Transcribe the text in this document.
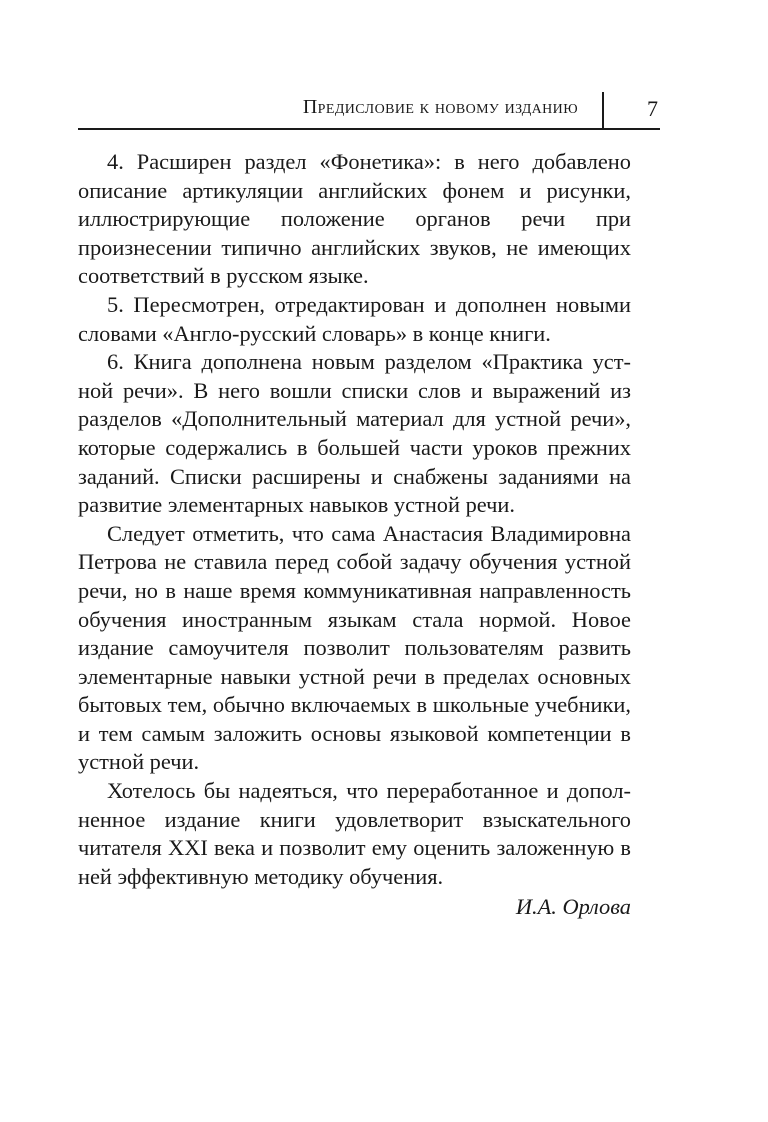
Предисловие к новому изданию	7

4. Расширен раздел «Фонетика»: в него добавлено описание артикуляции английских фонем и рисунки, иллюстрирующие положение органов речи при произнесении типично английских звуков, не имеющих соответствий в русском языке.

5. Пересмотрен, отредактирован и дополнен новыми словами «Англо-русский словарь» в конце книги.

6. Книга дополнена новым разделом «Практика устной речи». В него вошли списки слов и выражений из разделов «Дополнительный материал для устной речи», которые содержались в большей части уроков прежних заданий. Списки расширены и снабжены заданиями на развитие элементарных навыков устной речи.

Следует отметить, что сама Анастасия Владимировна Петрова не ставила перед собой задачу обучения устной речи, но в наше время коммуникативная направленность обучения иностранным языкам стала нормой. Новое издание самоучителя позволит пользователям развить элементарные навыки устной речи в пределах основных бытовых тем, обычно включаемых в школьные учебники, и тем самым заложить основы языковой компетенции в устной речи.

Хотелось бы надеяться, что переработанное и дополненное издание книги удовлетворит взыскательного читателя XXI века и позволит ему оценить заложенную в ней эффективную методику обучения.

И.А. Орлова
